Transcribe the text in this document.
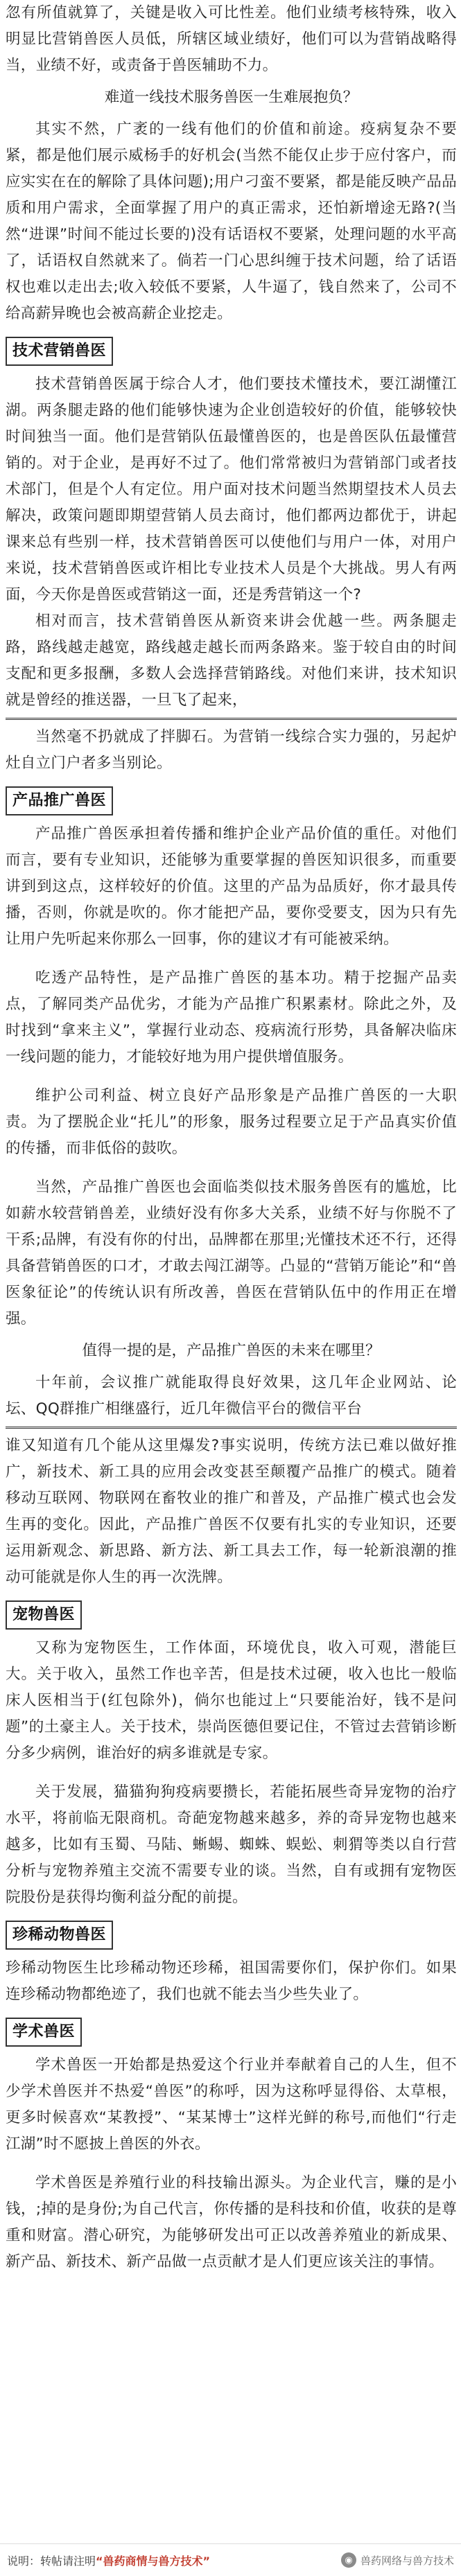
忽有所值就算了，关键是收入可比性差。他们业绩考核特殊，收入明显比营销兽医人员低，所辖区域业绩好，他们可以为营销战略得当，业绩不好，或责备于兽医辅助不力。

难道一线技术服务兽医一生难展抱负？

其实不然，广袤的一线有他们的价值和前途。疫病复杂不要紧，都是他们展示威杨手的好机会(当然不能仅止步于应付客户，而应实实在在的解除了具体问题);用户刁蛮不要紧，都是能反映产品品质和用户需求，全面掌握了用户的真正需求，还怕新增途无路?(当然“进课”时间不能过长要的)没有话语权不要紧，处理问题的水平高了，话语权自然就来了。倘若一门心思纠缠于技术问题，给了话语权也难以走出去;收入较低不要紧，人牛逼了，钱自然来了，公司不给高薪异晚也会被高薪企业挖走。

技术营销兽医

技术营销兽医属于综合人才，他们要技术懂技术，要江湖懂江湖。两条腿走路的他们能够快速为企业创造较好的价值，能够较快时间独当一面。他们是营销队伍最懂兽医的，也是兽医队伍最懂营销的。对于企业，是再好不过了。他们常常被归为营销部门或者技术部门，但是个人有定位。用户面对技术问题当然期望技术人员去解决，政策问题即期望营销人员去商讨，他们都两边都优于，讲起课来总有些别一样，技术营销兽医可以使他们与用户一体，对用户来说，技术营销兽医或许相比专业技术人员是个大挑战。男人有两面，今天你是兽医或营销这一面，还是秀营销这一个?

相对而言，技术营销兽医从新资来讲会优越一些。两条腿走路，路线越走越宽，路线越走越长而两条路来。鉴于较自由的时间支配和更多报酬，多数人会选择营销路线。对他们来讲，技术知识就是曾经的推送器，一旦飞了起来，

当然毫不扔就成了拌脚石。为营销一线综合实力强的，另起炉灶自立门户者多当别论。

产品推广兽医

产品推广兽医承担着传播和维护企业产品价值的重任。对他们而言，要有专业知识，还能够为重要掌握的兽医知识很多，而重要讲到到这点，这样较好的价值。这里的产品为品质好，你才最具传播，否则，你就是吹的。你才能把产品，要你受要支，因为只有先让用户先听起来你那么一回事，你的建议才有可能被采纳。

吃透产品特性，是产品推广兽医的基本功。精于挖掘产品卖点，了解同类产品优劣，才能为产品推广积累素材。除此之外，及时找到“拿来主义”，掌握行业动态、疫病流行形势，具备解决临床一线问题的能力，才能较好地为用户提供增值服务。

维护公司利益、树立良好产品形象是产品推广兽医的一大职责。为了摆脱企业“托儿”的形象，服务过程要立足于产品真实价值的传播，而非低俗的鼓吹。

当然，产品推广兽医也会面临类似技术服务兽医有的尴尬，比如薪水较营销兽差，业绩好没有你多大关系，业绩不好与你脱不了干系;品牌，有没有你的付出，品牌都在那里;光懂技术还不行，还得具备营销兽医的口才，才敢去闯江湖等。凸显的“营销万能论”和“兽医象征论”的传统认识有所改善，兽医在营销队伍中的作用正在增强。

值得一提的是，产品推广兽医的未来在哪里？

十年前，会议推广就能取得良好效果，这几年企业网站、论坛、QQ群推广相继盛行，近几年微信平台的微信平台

谁又知道有几个能从这里爆发?事实说明，传统方法已难以做好推广，新技术、新工具的应用会改变甚至颠覆产品推广的模式。随着移动互联网、物联网在畜牧业的推广和普及，产品推广模式也会发生再的变化。因此，产品推广兽医不仅要有扎实的专业知识，还要运用新观念、新思路、新方法、新工具去工作，每一轮新浪潮的推动可能就是你人生的再一次洗牌。

宠物兽医

又称为宠物医生，工作体面，环境优良，收入可观，潜能巨大。关于收入，虽然工作也辛苦，但是技术过硬，收入也比一般临床人医相当于(红包除外)，倘尔也能过上“只要能治好，钱不是问题”的土豪主人。关于技术，崇尚医德但要记住，不管过去营销诊断分多少病例，谁治好的病多谁就是专家。

关于发展，猫猫狗狗疫病要攒长，若能拓展些奇异宠物的治疗水平，将前临无限商机。奇葩宠物越来越多，养的奇异宠物也越来越多，比如有玉蜀、马陆、蜥蜴、蜘蛛、蜈蚣、刺猬等类以自行营分析与宠物养殖主交流不需要专业的谈。当然，自有或拥有宠物医院股份是获得均衡利益分配的前提。

珍稀动物兽医

珍稀动物医生比珍稀动物还珍稀，祖国需要你们，保护你们。如果连珍稀动物都绝迹了，我们也就不能去当少些失业了。

学术兽医

学术兽医一开始都是热爱这个行业并奉献着自己的人生，但不少学术兽医并不热爱“兽医”的称呼，因为这称呼显得俗、太草根，更多时候喜欢“某教授”、“某某博士”这样光鲜的称号,而他们“行走江湖”时不愿披上兽医的外衣。

学术兽医是养殖行业的科技输出源头。为企业代言，赚的是小钱，;掉的是身份;为自己代言，你传播的是科技和价值，收获的是尊重和财富。潜心研究，为能够研发出可正以改善养殖业的新成果、新产品、新技术、新产品做一点贡献才是人们更应该关注的事情。

说明：转帖请注明“兽药商情与兽方技术”	◉ 兽药网络与兽方技术
